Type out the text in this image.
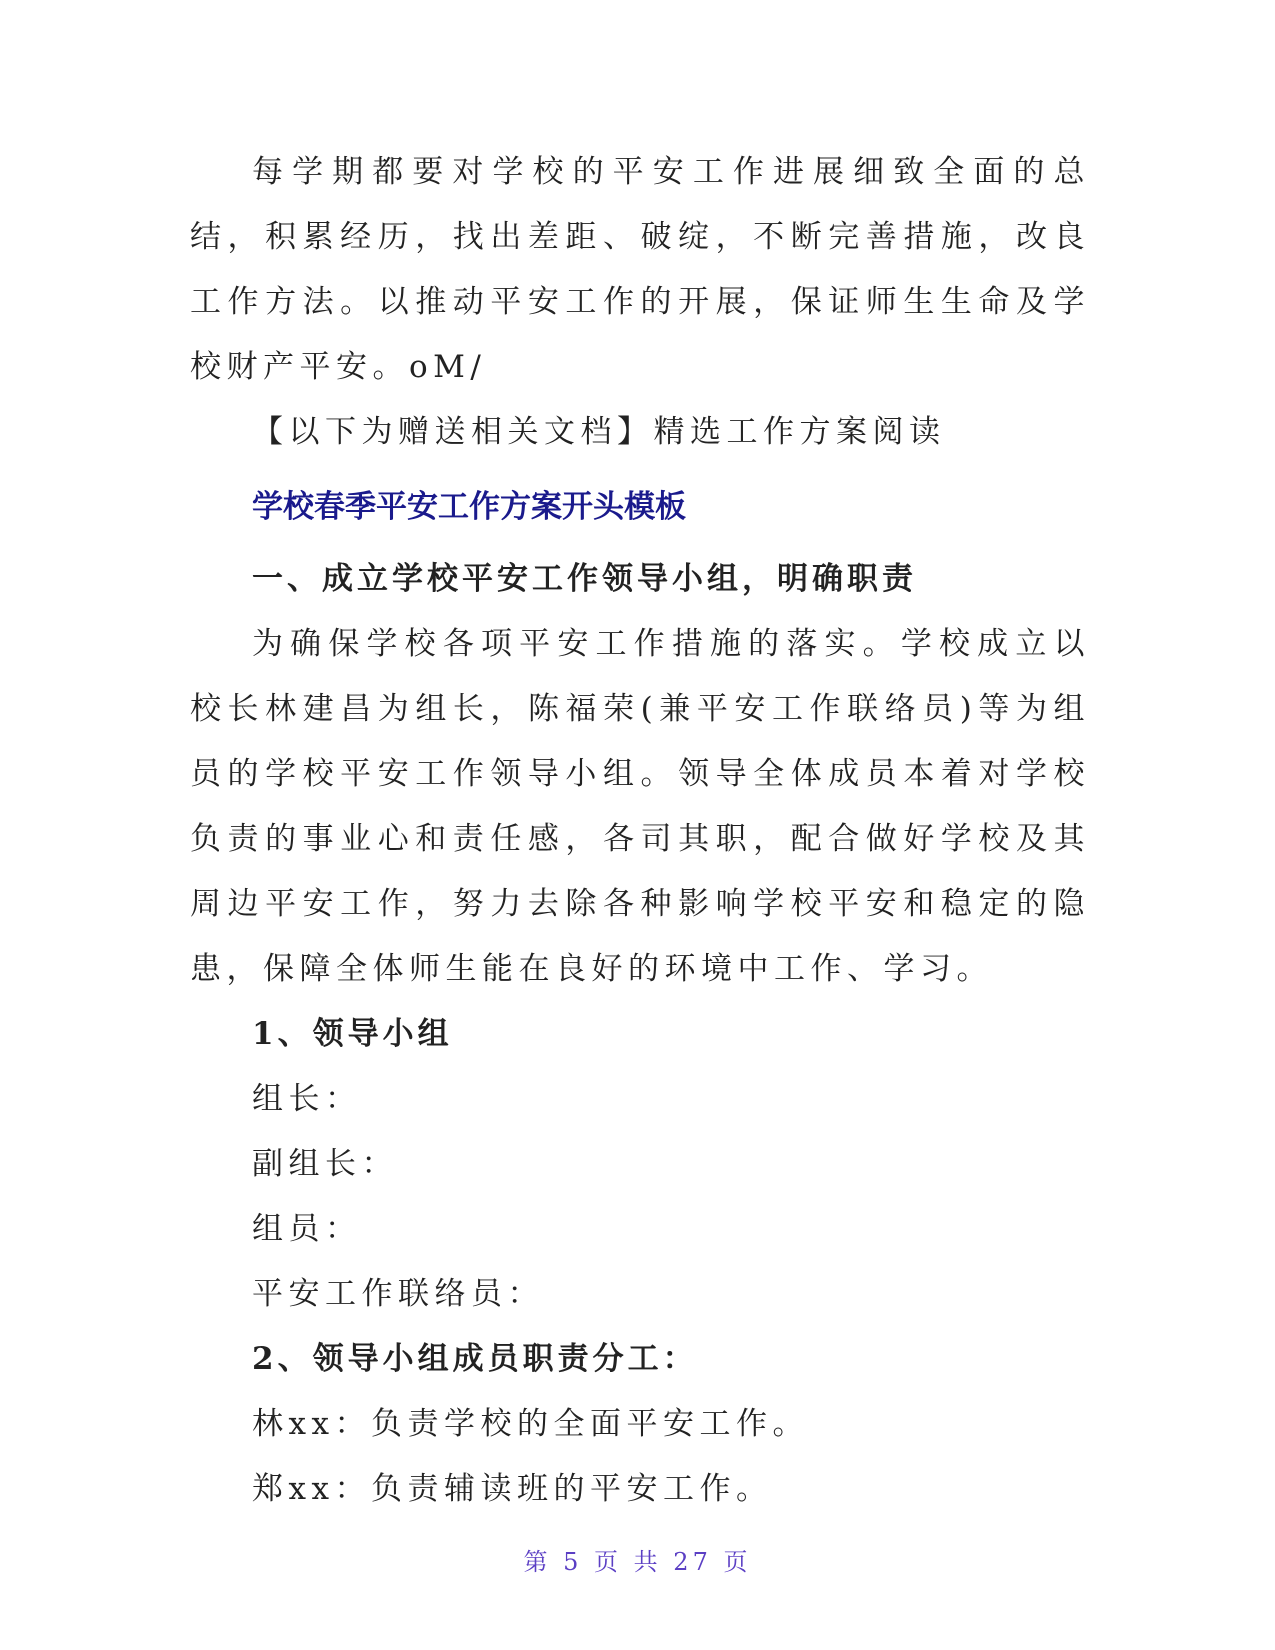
每学期都要对学校的平安工作进展细致全面的总结，积累经历，找出差距、破绽，不断完善措施，改良工作方法。以推动平安工作的开展，保证师生生命及学校财产平安。oM/

【以下为赠送相关文档】精选工作方案阅读

学校春季平安工作方案开头模板

一、成立学校平安工作领导小组，明确职责

为确保学校各项平安工作措施的落实。学校成立以校长林建昌为组长，陈福荣(兼平安工作联络员)等为组员的学校平安工作领导小组。领导全体成员本着对学校负责的事业心和责任感，各司其职，配合做好学校及其周边平安工作，努力去除各种影响学校平安和稳定的隐患，保障全体师生能在良好的环境中工作、学习。

1、领导小组

组长：

副组长：

组员：

平安工作联络员：

2、领导小组成员职责分工：

林xx：负责学校的全面平安工作。

郑xx：负责辅读班的平安工作。

第 5 页 共 27 页
